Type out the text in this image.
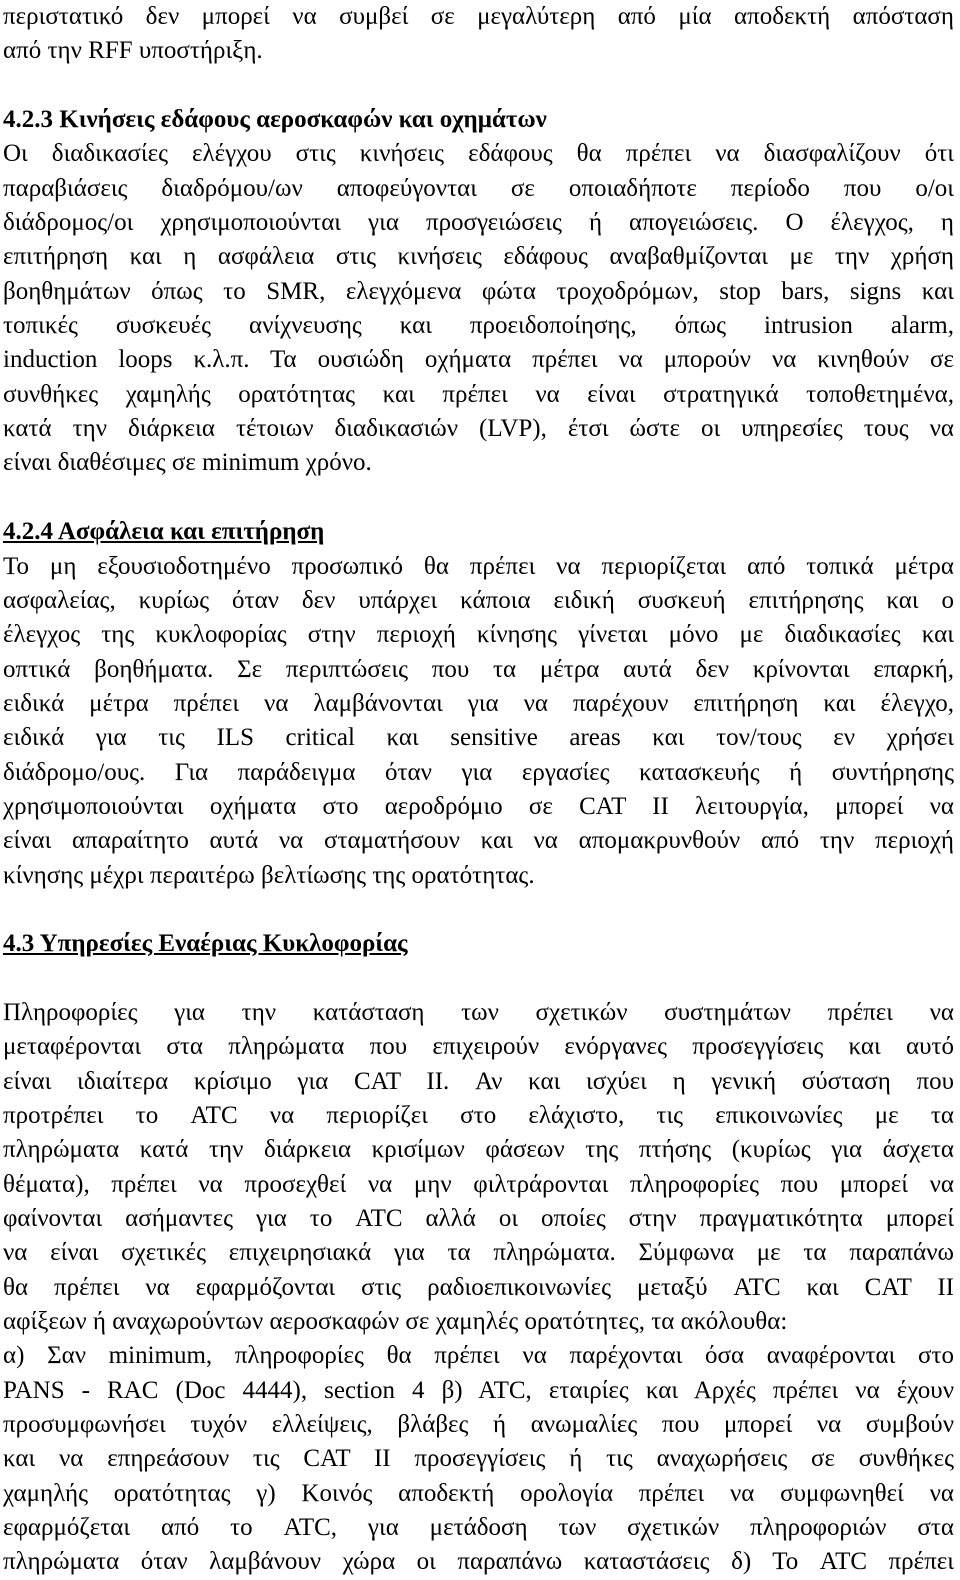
περιστατικό δεν μπορεί να συμβεί σε μεγαλύτερη από μία αποδεκτή απόσταση
από την RFF υποστήριξη.
4.2.3 Κινήσεις εδάφους αεροσκαφών και οχημάτων
Οι διαδικασίες ελέγχου στις κινήσεις εδάφους θα πρέπει να διασφαλίζουν ότι
παραβιάσεις διαδρόμου/ων αποφεύγονται σε οποιαδήποτε περίοδο που ο/οι
διάδρομος/οι χρησιμοποιούνται για προσγειώσεις ή απογειώσεις. Ο έλεγχος, η
επιτήρηση και η ασφάλεια στις κινήσεις εδάφους αναβαθμίζονται με την χρήση
βοηθημάτων όπως το SMR, ελεγχόμενα φώτα τροχοδρόμων, stop bars, signs και
τοπικές συσκευές ανίχνευσης και προειδοποίησης, όπως intrusion alarm,
induction loops κ.λ.π. Τα ουσιώδη οχήματα πρέπει να μπορούν να κινηθούν σε
συνθήκες χαμηλής ορατότητας και πρέπει να είναι στρατηγικά τοποθετημένα,
κατά την διάρκεια τέτοιων διαδικασιών (LVP), έτσι ώστε οι υπηρεσίες τους να
είναι διαθέσιμες σε minimum χρόνο.
4.2.4 Ασφάλεια και επιτήρηση
Το μη εξουσιοδοτημένο προσωπικό θα πρέπει να περιορίζεται από τοπικά μέτρα
ασφαλείας, κυρίως όταν δεν υπάρχει κάποια ειδική συσκευή επιτήρησης και ο
έλεγχος της κυκλοφορίας στην περιοχή κίνησης γίνεται μόνο με διαδικασίες και
οπτικά βοηθήματα. Σε περιπτώσεις που τα μέτρα αυτά δεν κρίνονται επαρκή,
ειδικά μέτρα πρέπει να λαμβάνονται για να παρέχουν επιτήρηση και έλεγχο,
ειδικά για τις ILS critical και sensitive areas και τον/τους εν χρήσει
διάδρομο/ους. Για παράδειγμα όταν για εργασίες κατασκευής ή συντήρησης
χρησιμοποιούνται οχήματα στο αεροδρόμιο σε CAT II λειτουργία, μπορεί να
είναι απαραίτητο αυτά να σταματήσουν και να απομακρυνθούν από την περιοχή
κίνησης μέχρι περαιτέρω βελτίωσης της ορατότητας.
4.3 Υπηρεσίες Εναέριας Κυκλοφορίας
Πληροφορίες για την κατάσταση των σχετικών συστημάτων πρέπει να
μεταφέρονται στα πληρώματα που επιχειρούν ενόργανες προσεγγίσεις και αυτό
είναι ιδιαίτερα κρίσιμο για CAT II. Αν και ισχύει η γενική σύσταση που
προτρέπει το ATC να περιορίζει στο ελάχιστο, τις επικοινωνίες με τα
πληρώματα κατά την διάρκεια κρισίμων φάσεων της πτήσης (κυρίως για άσχετα
θέματα), πρέπει να προσεχθεί να μην φιλτράρονται πληροφορίες που μπορεί να
φαίνονται ασήμαντες για το ATC αλλά οι οποίες στην πραγματικότητα μπορεί
να είναι σχετικές επιχειρησιακά για τα πληρώματα. Σύμφωνα με τα παραπάνω
θα πρέπει να εφαρμόζονται στις ραδιοεπικοινωνίες μεταξύ ATC και CAT II
αφίξεων ή αναχωρούντων αεροσκαφών σε χαμηλές ορατότητες, τα ακόλουθα:
α) Σαν minimum, πληροφορίες θα πρέπει να παρέχονται όσα αναφέρονται στο
PANS - RAC (Doc 4444), section 4 β) ATC, εταιρίες και Αρχές πρέπει να έχουν
προσυμφωνήσει τυχόν ελλείψεις, βλάβες ή ανωμαλίες που μπορεί να συμβούν
και να επηρεάσουν τις CAT II προσεγγίσεις ή τις αναχωρήσεις σε συνθήκες
χαμηλής ορατότητας γ) Κοινός αποδεκτή ορολογία πρέπει να συμφωνηθεί να
εφαρμόζεται από το ATC, για μετάδοση των σχετικών πληροφοριών στα
πληρώματα όταν λαμβάνουν χώρα οι παραπάνω καταστάσεις δ) Το ATC πρέπει
